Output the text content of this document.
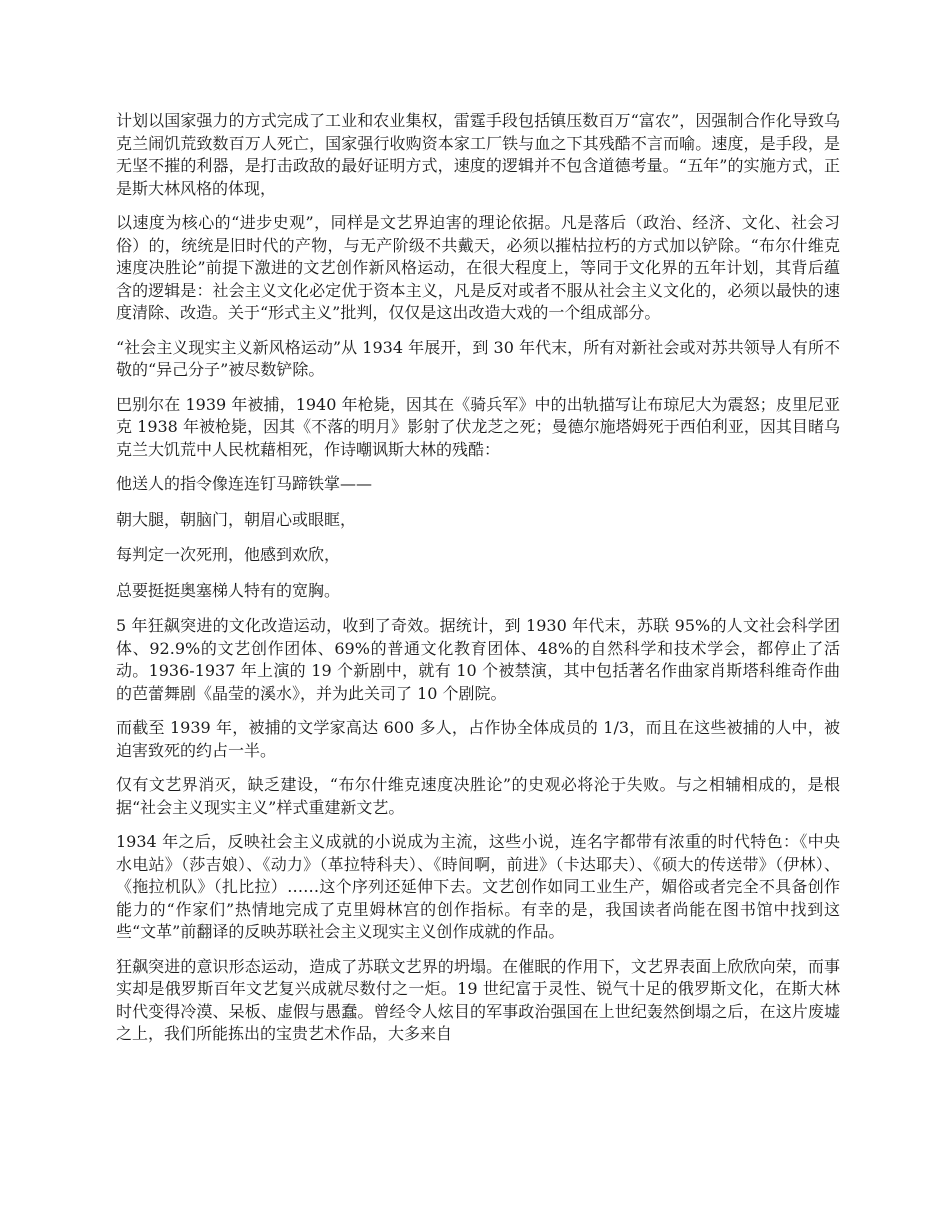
计划以国家强力的方式完成了工业和农业集权，雷霆手段包括镇压数百万“富农”，因强制合作化导致乌克兰闹饥荒致数百万人死亡，国家强行收购资本家工厂铁与血之下其残酷不言而喻。速度，是手段，是无坚不摧的利器，是打击政敌的最好证明方式，速度的逻辑并不包含道德考量。“五年”的实施方式，正是斯大林风格的体现，

以速度为核心的“进步史观”，同样是文艺界迫害的理论依据。凡是落后（政治、经济、文化、社会习俗）的，统统是旧时代的产物，与无产阶级不共戴天，必须以摧枯拉朽的方式加以铲除。“布尔什维克速度决胜论”前提下激进的文艺创作新风格运动，在很大程度上，等同于文化界的五年计划，其背后蕴含的逻辑是：社会主义文化必定优于资本主义，凡是反对或者不服从社会主义文化的，必须以最快的速度清除、改造。关于“形式主义”批判，仅仅是这出改造大戏的一个组成部分。

“社会主义现实主义新风格运动”从 1934 年展开，到 30 年代末，所有对新社会或对苏共领导人有所不敬的“异己分子”被尽数铲除。

巴别尔在 1939 年被捕，1940 年枪毙，因其在《骑兵军》中的出轨描写让布琼尼大为震怒；皮里尼亚克 1938 年被枪毙，因其《不落的明月》影射了伏龙芝之死；曼德尔施塔姆死于西伯利亚，因其目睹乌克兰大饥荒中人民枕藉相死，作诗嘲讽斯大林的残酷：

他送人的指令像连连钉马蹄铁掌——

朝大腿，朝脑门，朝眉心或眼眶，

每判定一次死刑，他感到欢欣，

总要挺挺奥塞梯人特有的宽胸。

5 年狂飙突进的文化改造运动，收到了奇效。据统计，到 1930 年代末，苏联 95%的人文社会科学团体、92.9%的文艺创作团体、69%的普通文化教育团体、48%的自然科学和技术学会，都停止了活动。1936-1937 年上演的 19 个新剧中，就有 10 个被禁演，其中包括著名作曲家肖斯塔科维奇作曲的芭蕾舞剧《晶莹的溪水》，并为此关司了 10 个剧院。

而截至 1939 年，被捕的文学家高达 600 多人，占作协全体成员的 1/3，而且在这些被捕的人中，被迫害致死的约占一半。

仅有文艺界消灭，缺乏建设，“布尔什维克速度决胜论”的史观必将沦于失败。与之相辅相成的，是根据“社会主义现实主义”样式重建新文艺。

1934 年之后，反映社会主义成就的小说成为主流，这些小说，连名字都带有浓重的时代特色：《中央水电站》（莎吉娘）、《动力》（革拉特科夫）、《時间啊，前进》（卡达耶夫）、《硕大的传送带》（伊林）、《拖拉机队》（扎比拉）……这个序列还延伸下去。文艺创作如同工业生产，媚俗或者完全不具备创作能力的“作家们”热情地完成了克里姆林宫的创作指标。有幸的是，我国读者尚能在图书馆中找到这些“文革”前翻译的反映苏联社会主义现实主义创作成就的作品。

狂飙突进的意识形态运动，造成了苏联文艺界的坍塌。在催眠的作用下，文艺界表面上欣欣向荣，而事实却是俄罗斯百年文艺复兴成就尽数付之一炬。19 世纪富于灵性、锐气十足的俄罗斯文化，在斯大林时代变得冷漠、呆板、虚假与愚蠢。曾经令人炫目的军事政治强国在上世纪轰然倒塌之后，在这片废墟之上，我们所能拣出的宝贵艺术作品，大多来自
